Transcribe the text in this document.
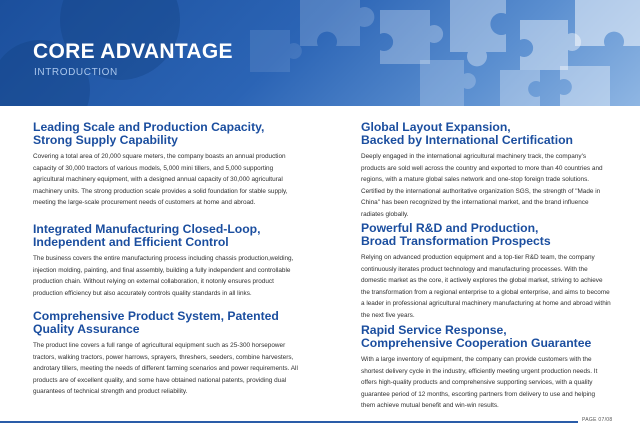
CORE ADVANTAGE
INTRODUCTION
Leading Scale and Production Capacity,
Strong Supply Capability

Covering a total area of 20,000 square meters, the company boasts an annual production capacity of 30,000 tractors of various models, 5,000 mini tillers, and 5,000 supporting agricultural machinery equipment, with a designed annual capacity of 30,000 agricultural machinery units. The strong production scale provides a solid foundation for stable supply, meeting the large-scale procurement needs of customers at home and abroad.

Integrated Manufacturing Closed-Loop,
Independent and Efficient Control

The business covers the entire manufacturing process including chassis production,welding, injection molding, painting, and final assembly, building a fully independent and controllable production chain. Without relying on external collaboration, it notonly ensures product production efficiency but also accurately controls quality standards in all links.

Comprehensive Product System, Patented
Quality Assurance

The product line covers a full range of agricultural equipment such as 25-300 horsepower tractors, walking tractors, power harrows, sprayers, threshers, seeders, combine harvesters, androtary tillers, meeting the needs of different farming scenarios and power requirements. All products are of excellent quality, and some have obtained national patents, providing dual guarantees of technical strength and product reliability.

Global Layout Expansion,
Backed by International Certification

Deeply engaged in the international agricultural machinery track, the company's products are sold well across the country and exported to more than 40 countries and regions, with a mature global sales network and one-stop foreign trade solutions. Certified by the international authoritative organization SGS, the strength of "Made in China" has been recognized by the international market, and the brand influence radiates globally.

Powerful R&D and Production,
Broad Transformation Prospects

Relying on advanced production equipment and a top-tier R&D team, the company continuously iterates product technology and manufacturing processes. With the domestic market as the core, it actively explores the global market, striving to achieve the transformation from a regional enterprise to a global enterprise, and aims to become a leader in professional agricultural machinery manufacturing at home and abroad within the next five years.

Rapid Service Response,
Comprehensive Cooperation Guarantee

With a large inventory of equipment, the company can provide customers with the shortest delivery cycle in the industry, efficiently meeting urgent production needs. It offers high-quality products and comprehensive supporting services, with a quality guarantee period of 12 months, escorting partners from delivery to use and helping them achieve mutual benefit and win-win results.

PAGE 07/08
